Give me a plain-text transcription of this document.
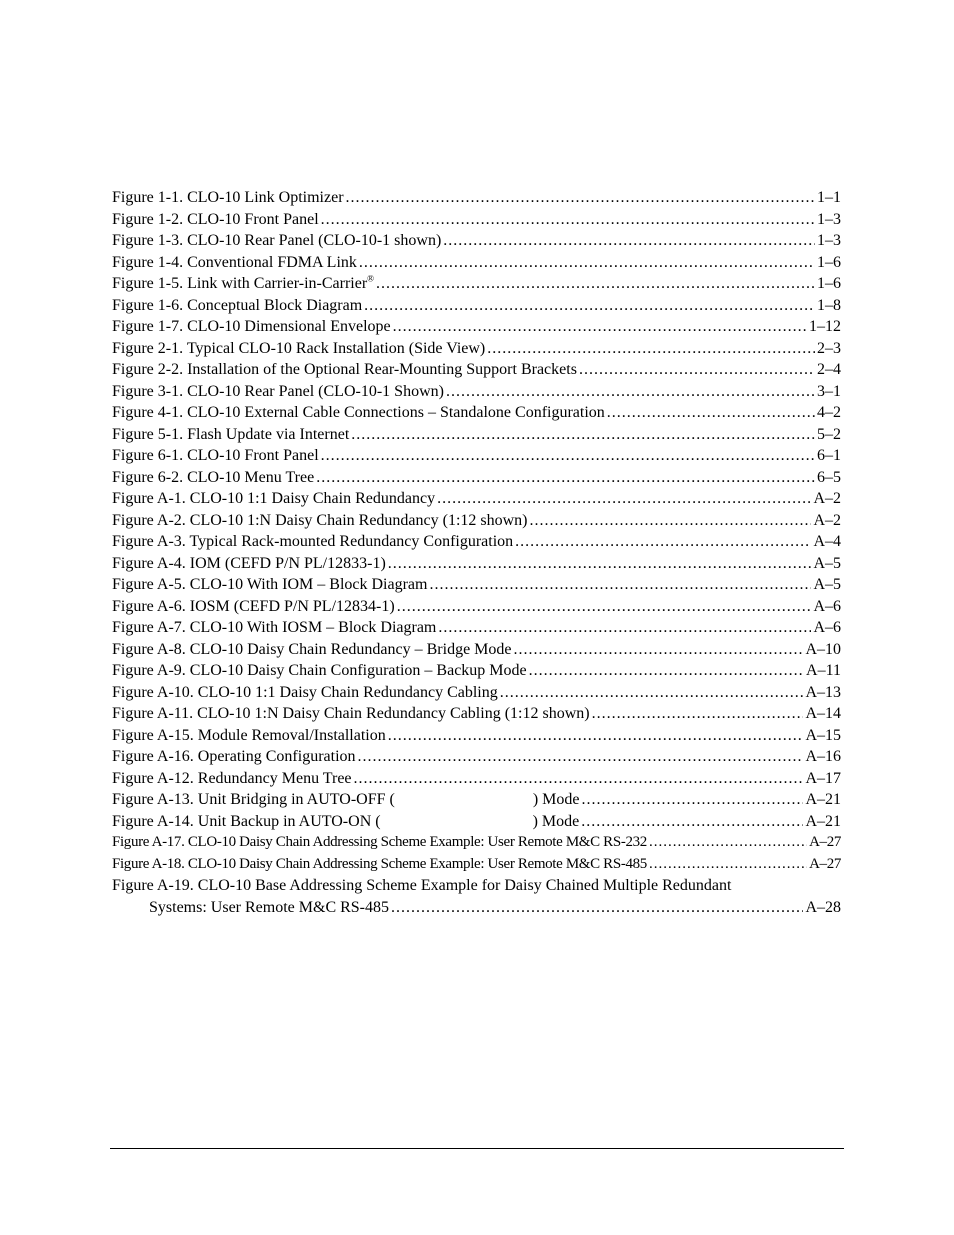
Figure 1-1. CLO-10 Link Optimizer .....	1–1
Figure 1-2. CLO-10 Front Panel .....	1–3
Figure 1-3. CLO-10 Rear Panel (CLO-10-1 shown) .....	1–3
Figure 1-4. Conventional FDMA Link .....	1–6
Figure 1-5. Link with Carrier-in-Carrier® .....	1–6
Figure 1-6. Conceptual Block Diagram .....	1–8
Figure 1-7. CLO-10 Dimensional Envelope .....	1–12
Figure 2-1. Typical CLO-10 Rack Installation (Side View) .....	2–3
Figure 2-2. Installation of the Optional Rear-Mounting Support Brackets .....	2–4
Figure 3-1. CLO-10 Rear Panel (CLO-10-1 Shown) .....	3–1
Figure 4-1. CLO-10 External Cable Connections – Standalone Configuration .....	4–2
Figure 5-1. Flash Update via Internet .....	5–2
Figure 6-1. CLO-10 Front Panel .....	6–1
Figure 6-2. CLO-10 Menu Tree .....	6–5
Figure A-1. CLO-10 1:1 Daisy Chain Redundancy .....	A–2
Figure A-2. CLO-10 1:N Daisy Chain Redundancy (1:12 shown) .....	A–2
Figure A-3. Typical Rack-mounted Redundancy Configuration .....	A–4
Figure A-4. IOM (CEFD P/N PL/12833-1) .....	A–5
Figure A-5. CLO-10 With IOM – Block Diagram .....	A–5
Figure A-6. IOSM (CEFD P/N PL/12834-1) .....	A–6
Figure A-7. CLO-10 With IOSM – Block Diagram .....	A–6
Figure A-8. CLO-10 Daisy Chain Redundancy – Bridge Mode .....	A–10
Figure A-9. CLO-10 Daisy Chain Configuration – Backup Mode .....	A–11
Figure A-10. CLO-10 1:1 Daisy Chain Redundancy Cabling .....	A–13
Figure A-11. CLO-10 1:N Daisy Chain Redundancy Cabling (1:12 shown) .....	A–14
Figure A-15. Module Removal/Installation .....	A–15
Figure A-16. Operating Configuration .....	A–16
Figure A-12. Redundancy Menu Tree .....	A–17
Figure A-13. Unit Bridging in AUTO-OFF (	) Mode .....	A–21
Figure A-14. Unit Backup in AUTO-ON (	) Mode .....	A–21
Figure A-17. CLO-10 Daisy Chain Addressing Scheme Example: User Remote M&C RS-232 .....	A–27
Figure A-18. CLO-10 Daisy Chain Addressing Scheme Example: User Remote M&C RS-485 .....	A–27
Figure A-19. CLO-10 Base Addressing Scheme Example for Daisy Chained Multiple Redundant
Systems: User Remote M&C RS-485 .....	A–28
